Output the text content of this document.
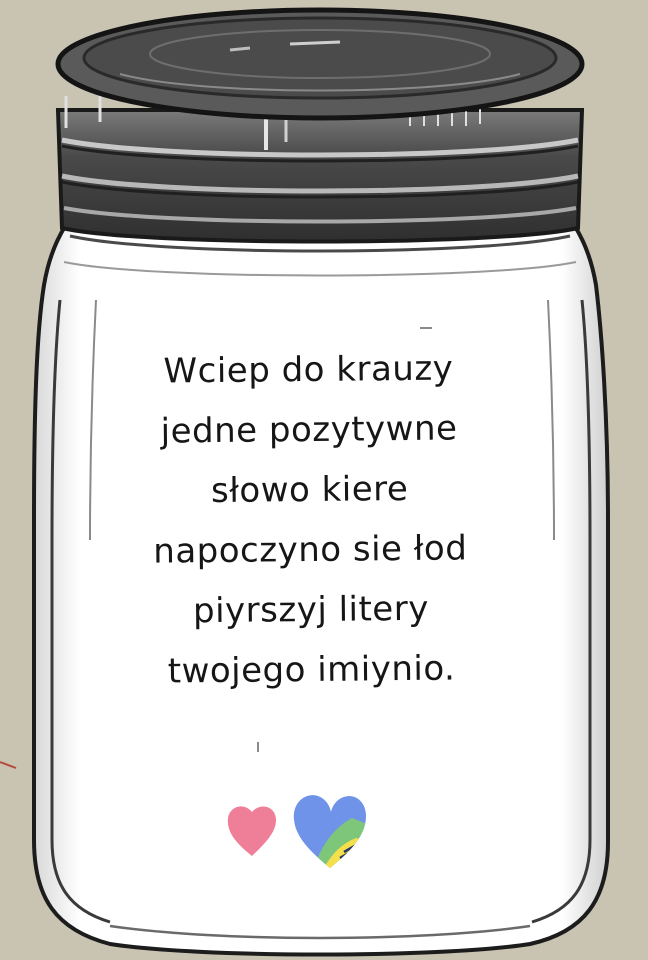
Wciep do krauzy
jedne pozytywne
słowo kiere
napoczyno sie łod
piyrszyj litery
twojego imiynio.
